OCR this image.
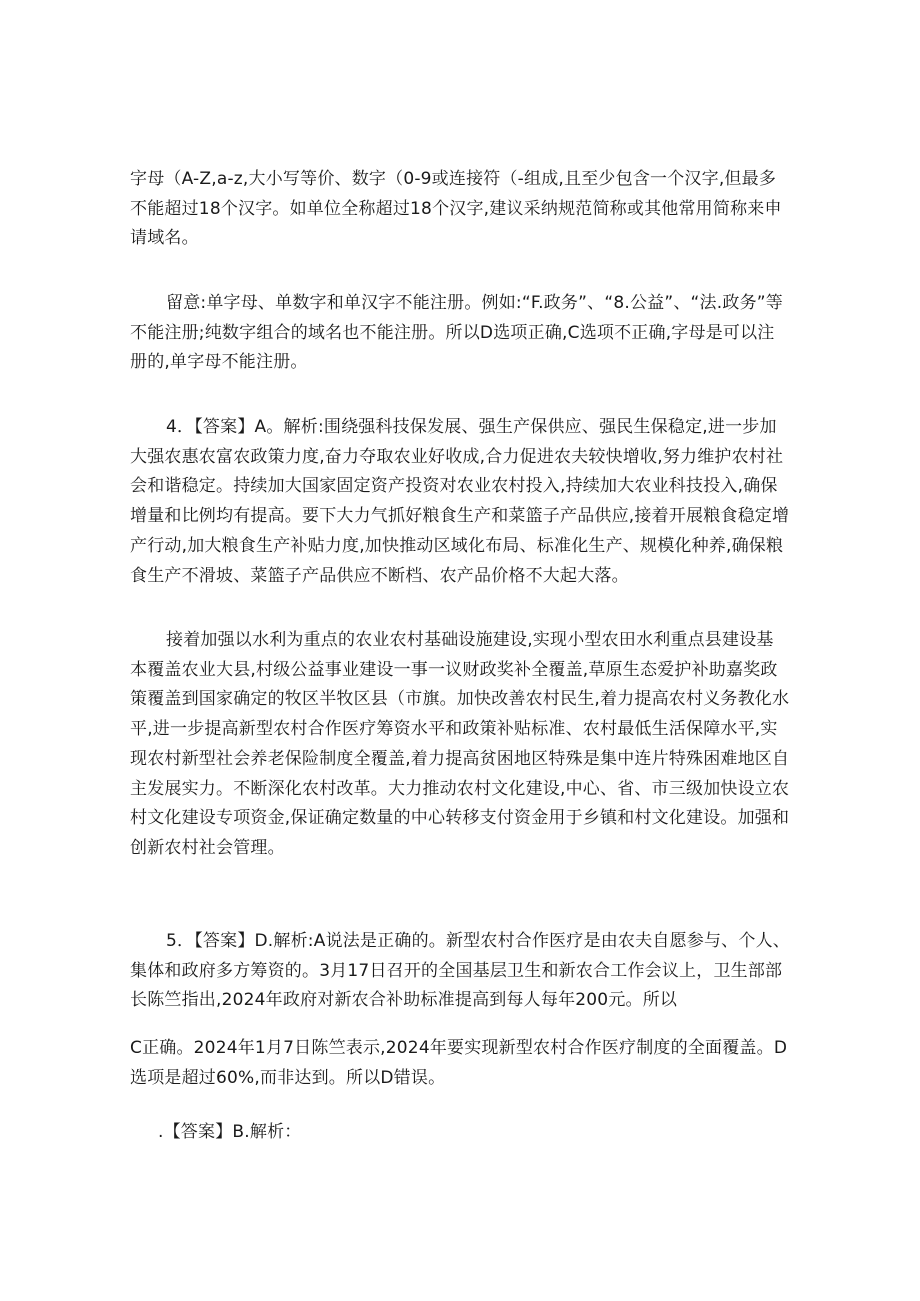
字母（A-Z,a-z,大小写等价、数字（0-9或连接符（-组成,且至少包含一个汉字,但最多不能超过18个汉字。如单位全称超过18个汉字,建议采纳规范简称或其他常用简称来申请域名。

留意:单字母、单数字和单汉字不能注册。例如:“F.政务”、“8.公益”、“法.政务”等不能注册;纯数字组合的域名也不能注册。所以D选项正确,C选项不正确,字母是可以注册的,单字母不能注册。

4．【答案】A。解析:围绕强科技保发展、强生产保供应、强民生保稳定,进一步加大强农惠农富农政策力度,奋力夺取农业好收成,合力促进农夫较快增收,努力维护农村社会和谐稳定。持续加大国家固定资产投资对农业农村投入,持续加大农业科技投入,确保增量和比例均有提高。要下大力气抓好粮食生产和菜篮子产品供应,接着开展粮食稳定增产行动,加大粮食生产补贴力度,加快推动区域化布局、标准化生产、规模化种养,确保粮食生产不滑坡、菜篮子产品供应不断档、农产品价格不大起大落。

接着加强以水利为重点的农业农村基础设施建设,实现小型农田水利重点县建设基本覆盖农业大县,村级公益事业建设一事一议财政奖补全覆盖,草原生态爱护补助嘉奖政策覆盖到国家确定的牧区半牧区县（市旗。加快改善农村民生,着力提高农村义务教化水平,进一步提高新型农村合作医疗筹资水平和政策补贴标准、农村最低生活保障水平,实现农村新型社会养老保险制度全覆盖,着力提高贫困地区特殊是集中连片特殊困难地区自主发展实力。不断深化农村改革。大力推动农村文化建设,中心、省、市三级加快设立农村文化建设专项资金,保证确定数量的中心转移支付资金用于乡镇和村文化建设。加强和创新农村社会管理。

5．【答案】D.解析:A说法是正确的。新型农村合作医疗是由农夫自愿参与、个人、集体和政府多方筹资的。3月17日召开的全国基层卫生和新农合工作会议上，卫生部部长陈竺指出,2024年政府对新农合补助标准提高到每人每年200元。所以

C正确。2024年1月7日陈竺表示,2024年要实现新型农村合作医疗制度的全面覆盖。D选项是超过60%,而非达到。所以D错误。

.【答案】B.解析：
